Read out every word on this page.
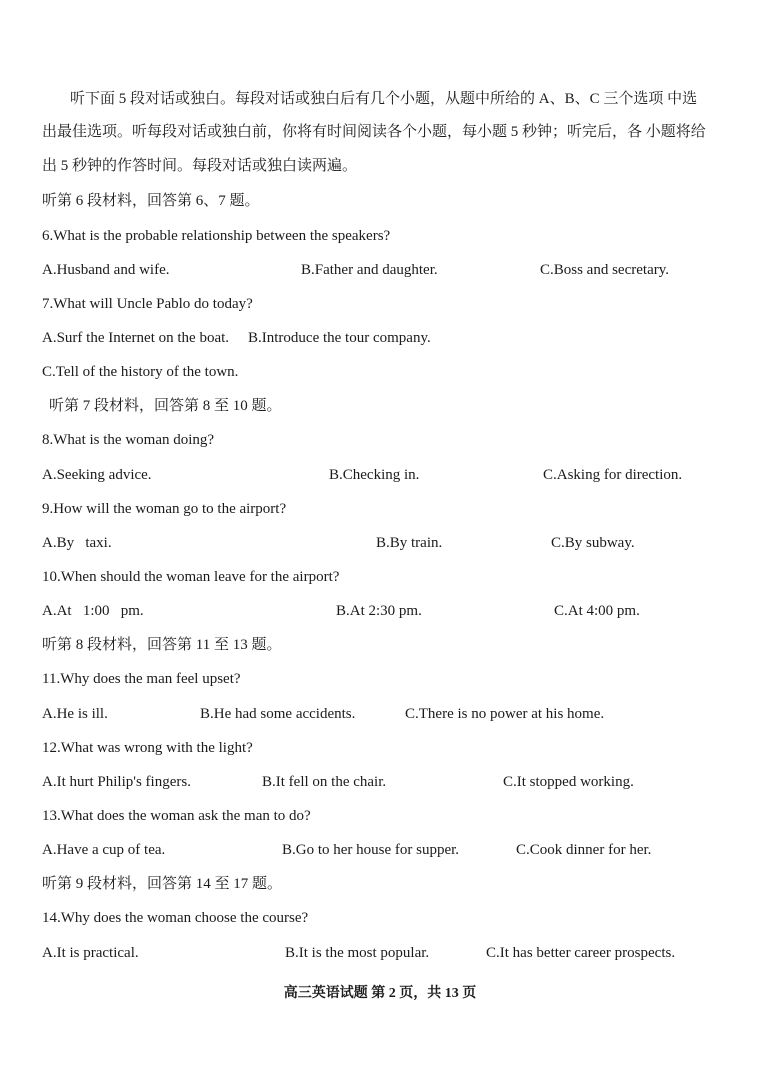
听下面 5 段对话或独白。每段对话或独白后有几个小题，从题中所给的 A、B、C 三个选项 中选
出最佳选项。听每段对话或独白前，你将有时间阅读各个小题，每小题 5 秒钟；听完后，各 小题将给
出 5 秒钟的作答时间。每段对话或独白读两遍。
听第 6 段材料，回答第 6、7 题。
6.What is the probable relationship between the speakers?
A.Husband and wife.	B.Father and daughter.	C.Boss and secretary.
7.What will Uncle Pablo do today?
A.Surf the Internet on the boat. B.Introduce the tour company.
C.Tell of the history of the town.
听第 7 段材料，回答第 8 至 10 题。
8.What is the woman doing?
A.Seeking advice.	B.Checking in.	C.Asking for direction.
9.How will the woman go to the airport?
A.By   taxi.	B.By train.	C.By subway.
10.When should the woman leave for the airport?
A.At   1:00   pm.	B.At 2:30 pm.	C.At 4:00 pm.
听第 8 段材料，回答第 11 至 13 题。
11.Why does the man feel upset?
A.He is ill.	B.He had some accidents.	C.There is no power at his home.
12.What was wrong with the light?
A.It hurt Philip's fingers.	B.It fell on the chair.	C.It stopped working.
13.What does the woman ask the man to do?
A.Have a cup of tea.	B.Go to her house for supper.	C.Cook dinner for her.
听第 9 段材料，回答第 14 至 17 题。
14.Why does the woman choose the course?
A.It is practical.	B.It is the most popular.	C.It has better career prospects.
高三英语试题 第 2 页，共 13 页
